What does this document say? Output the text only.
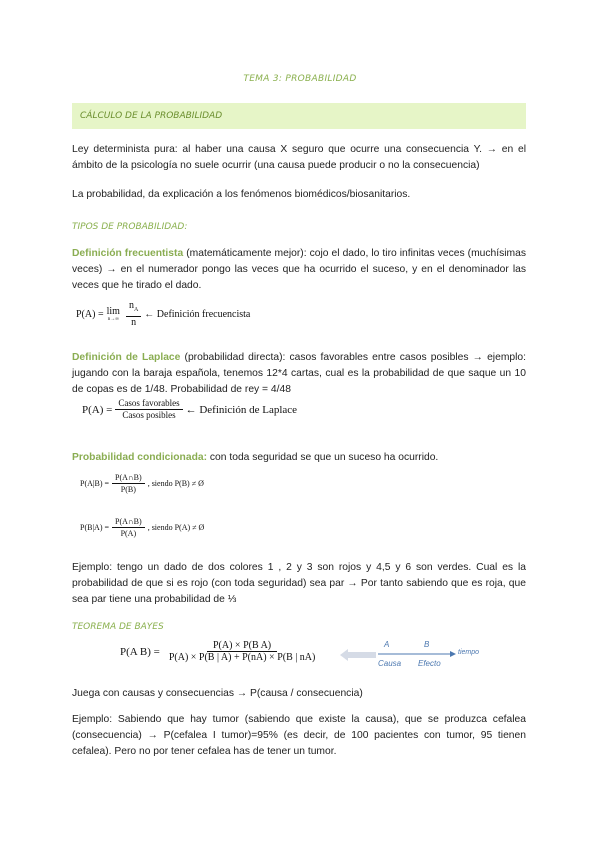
TEMA 3: PROBABILIDAD
CÁLCULO DE LA PROBABILIDAD
Ley determinista pura: al haber una causa X seguro que ocurre una consecuencia Y. → en el ámbito de la psicología no suele ocurrir (una causa puede producir o no la consecuencia)
La probabilidad, da explicación a los fenómenos biomédicos/biosanitarios.
TIPOS DE PROBABILIDAD:
Definición frecuentista (matemáticamente mejor): cojo el dado, lo tiro infinitas veces (muchísimas veces) → en el numerador pongo las veces que ha ocurrido el suceso, y en el denominador las veces que he tirado el dado.
P(A) = lim
$n\to\infty \frac{n_A}{n}$ ← Definición frecuencista
Definición de Laplace (probabilidad directa): casos favorables entre casos posibles → ejemplo: jugando con la baraja española, tenemos 12*4 cartas, cual es la probabilidad de que saque un 10 de copas es de 1/48. Probabilidad de rey = 4/48
$P(A) = \frac{\text{Casos favorables}}{\text{Casos posibles}}$ ← Definición de Laplace
Probabilidad condicionada: con toda seguridad se que un suceso ha ocurrido.
$P(A|B) = \frac{P(A\cap B)}{P(B)}$ , siendo P(B) ≠ Ø
$P(B|A) = \frac{P(A\cap B)}{P(A)}$ , siendo P(A) ≠ Ø
Ejemplo: tengo un dado de dos colores 1 , 2 y 3 son rojos y 4,5 y 6 son verdes. Cual es la probabilidad de que si es rojo (con toda seguridad) sea par → Por tanto sabiendo que es roja, que sea par tiene una probabilidad de ⅓
TEOREMA DE BAYES
P(A $B) = \frac{\text{P(A) × P(B A)}}{P(A) \times P(B | A) + P(nA) \times P(B | nA)}$	A	B
Causa Efecto
tiempo
Juega con causas y consecuencias → P(causa / consecuencia)
Ejemplo: Sabiendo que hay tumor (sabiendo que existe la causa), que se produzca cefalea (consecuencia) → P(cefalea I tumor)=95% (es decir, de 100 pacientes con tumor, 95 tienen cefalea). Pero no por tener cefalea has de tener un tumor.
